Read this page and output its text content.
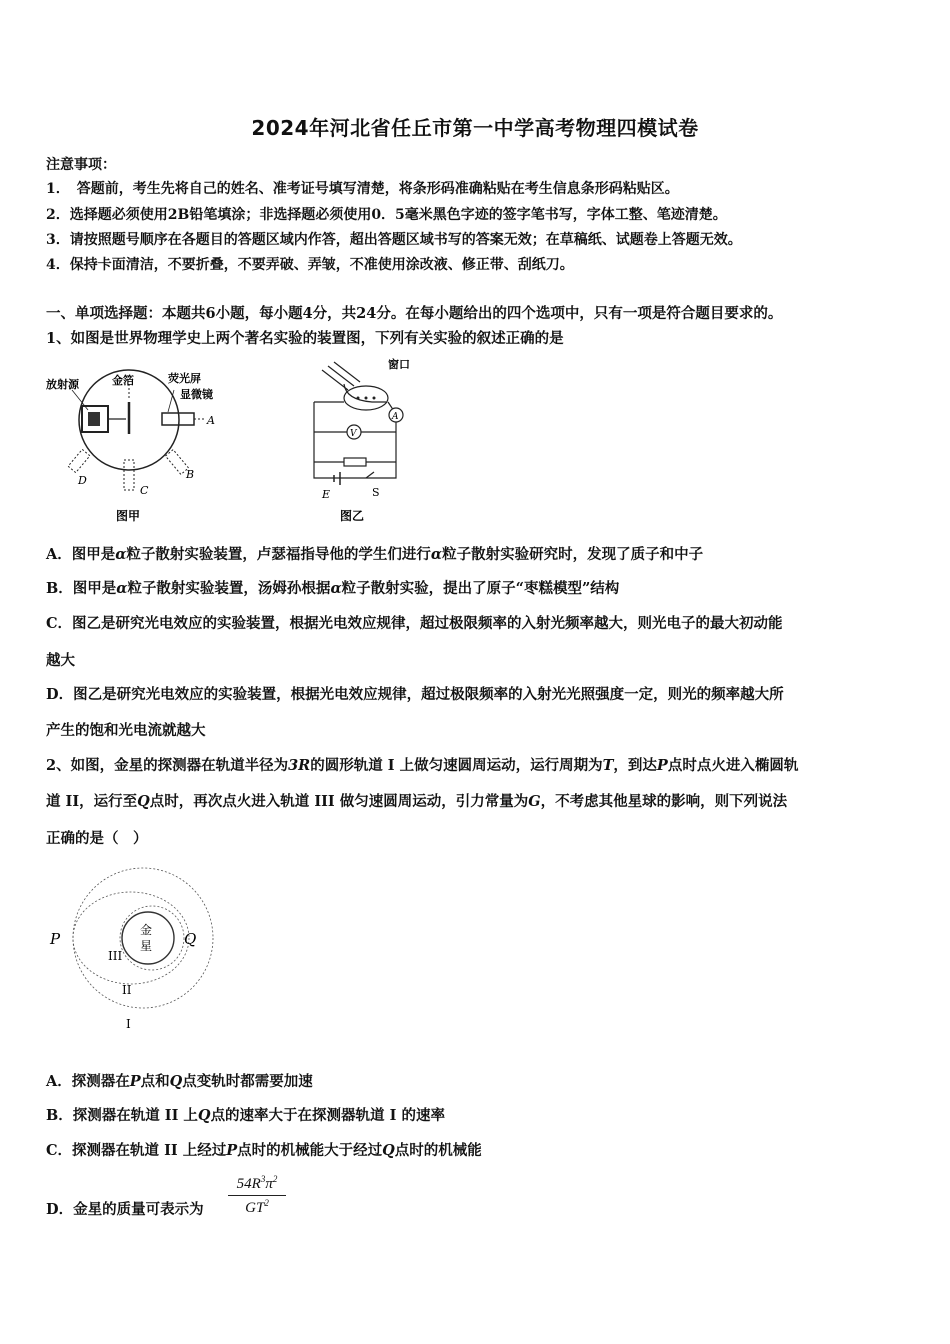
2024年河北省任丘市第一中学高考物理四模试卷
注意事项：
1．　答题前，考生先将自己的姓名、准考证号填写清楚，将条形码准确粘贴在考生信息条形码粘贴区。
2．选择题必须使用2B铅笔填涂；非选择题必须使用0．5毫米黑色字迹的签字笔书写，字体工整、笔迹清楚。
3．请按照题号顺序在各题目的答题区域内作答，超出答题区域书写的答案无效；在草稿纸、试题卷上答题无效。
4．保持卡面清洁，不要折叠，不要弄破、弄皱，不准使用涂改液、修正带、刮纸刀。
一、单项选择题：本题共6小题，每小题4分，共24分。在每小题给出的四个选项中，只有一项是符合题目要求的。
1、如图是世界物理学史上两个著名实验的装置图，下列有关实验的叙述正确的是
放射源	金箔	荧光屏
显微镜
A
B
C
D
图甲
A
V
窗口
E	S
图乙
A．图甲是α粒子散射实验装置，卢瑟福指导他的学生们进行α粒子散射实验研究时，发现了质子和中子
B．图甲是α粒子散射实验装置，汤姆孙根据α粒子散射实验，提出了原子“枣糕模型”结构
C．图乙是研究光电效应的实验装置，根据光电效应规律，超过极限频率的入射光频率越大，则光电子的最大初动能
越大
D．图乙是研究光电效应的实验装置，根据光电效应规律，超过极限频率的入射光光照强度一定，则光的频率越大所
产生的饱和光电流就越大
2、如图，金星的探测器在轨道半径为3R的圆形轨道 I 上做匀速圆周运动，运行周期为T，到达P点时点火进入椭圆轨
道 II，运行至Q点时，再次点火进入轨道 III 做匀速圆周运动，引力常量为G，不考虑其他星球的影响，则下列说法
正确的是（　）
P	Q
金
星
III
II
I
A．探测器在P点和Q点变轨时都需要加速
B．探测器在轨道 II 上Q点的速率大于在探测器轨道 I 的速率
C．探测器在轨道 II 上经过P点时的机械能大于经过Q点时的机械能
D．金星的质量可表示为 $\frac{54R^3\pi^2}{GT^2}$
